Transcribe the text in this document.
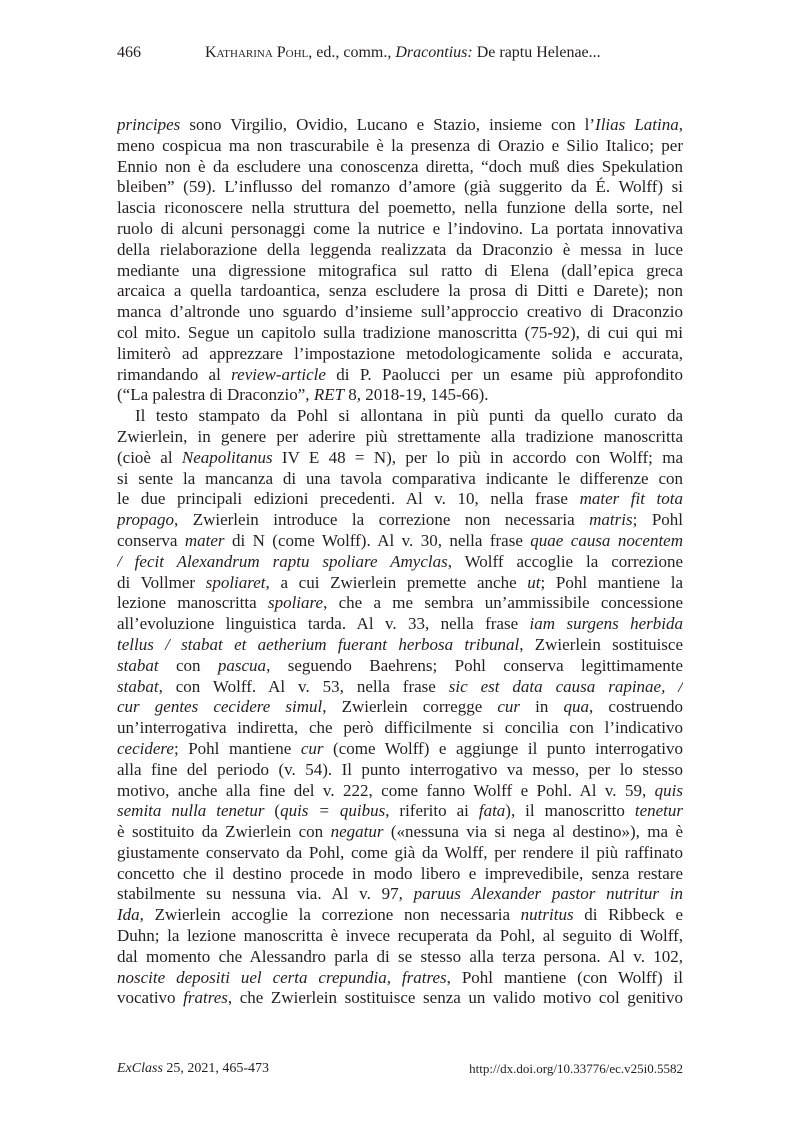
466	Katharina Pohl, ed., comm., Dracontius: De raptu Helenae...
principes sono Virgilio, Ovidio, Lucano e Stazio, insieme con l’Ilias Latina,
meno cospicua ma non trascurabile è la presenza di Orazio e Silio Italico; per
Ennio non è da escludere una conoscenza diretta, “doch muß dies Spekulation
bleiben” (59). L’influsso del romanzo d’amore (già suggerito da É. Wolff) si
lascia riconoscere nella struttura del poemetto, nella funzione della sorte, nel
ruolo di alcuni personaggi come la nutrice e l’indovino. La portata innovativa
della rielaborazione della leggenda realizzata da Draconzio è messa in luce
mediante una digressione mitografica sul ratto di Elena (dall’epica greca
arcaica a quella tardoantica, senza escludere la prosa di Ditti e Darete); non
manca d’altronde uno sguardo d’insieme sull’approccio creativo di Draconzio
col mito. Segue un capitolo sulla tradizione manoscritta (75-92), di cui qui mi
limiterò ad apprezzare l’impostazione metodologicamente solida e accurata,
rimandando al review-article di P. Paolucci per un esame più approfondito
(“La palestra di Draconzio”, RET 8, 2018-19, 145-66).
Il testo stampato da Pohl si allontana in più punti da quello curato da
Zwierlein, in genere per aderire più strettamente alla tradizione manoscritta
(cioè al Neapolitanus IV E 48 = N), per lo più in accordo con Wolff; ma
si sente la mancanza di una tavola comparativa indicante le differenze con
le due principali edizioni precedenti. Al v. 10, nella frase mater fit tota
propago, Zwierlein introduce la correzione non necessaria matris; Pohl
conserva mater di N (come Wolff). Al v. 30, nella frase quae causa nocentem
/ fecit Alexandrum raptu spoliare Amyclas, Wolff accoglie la correzione
di Vollmer spoliaret, a cui Zwierlein premette anche ut; Pohl mantiene la
lezione manoscritta spoliare, che a me sembra un’ammissibile concessione
all’evoluzione linguistica tarda. Al v. 33, nella frase iam surgens herbida
tellus / stabat et aetherium fuerant herbosa tribunal, Zwierlein sostituisce
stabat con pascua, seguendo Baehrens; Pohl conserva legittimamente
stabat, con Wolff. Al v. 53, nella frase sic est data causa rapinae, /
cur gentes cecidere simul, Zwierlein corregge cur in qua, costruendo
un’interrogativa indiretta, che però difficilmente si concilia con l’indicativo
cecidere; Pohl mantiene cur (come Wolff) e aggiunge il punto interrogativo
alla fine del periodo (v. 54). Il punto interrogativo va messo, per lo stesso
motivo, anche alla fine del v. 222, come fanno Wolff e Pohl. Al v. 59, quis
semita nulla tenetur (quis = quibus, riferito ai fata), il manoscritto tenetur
è sostituito da Zwierlein con negatur («nessuna via si nega al destino»), ma è
giustamente conservato da Pohl, come già da Wolff, per rendere il più raffinato
concetto che il destino procede in modo libero e imprevedibile, senza restare
stabilmente su nessuna via. Al v. 97, paruus Alexander pastor nutritur in
Ida, Zwierlein accoglie la correzione non necessaria nutritus di Ribbeck e
Duhn; la lezione manoscritta è invece recuperata da Pohl, al seguito di Wolff,
dal momento che Alessandro parla di se stesso alla terza persona. Al v. 102,
noscite depositi uel certa crepundia, fratres, Pohl mantiene (con Wolff) il
vocativo fratres, che Zwierlein sostituisce senza un valido motivo col genitivo
ExClass 25, 2021, 465-473	http://dx.doi.org/10.33776/ec.v25i0.5582
